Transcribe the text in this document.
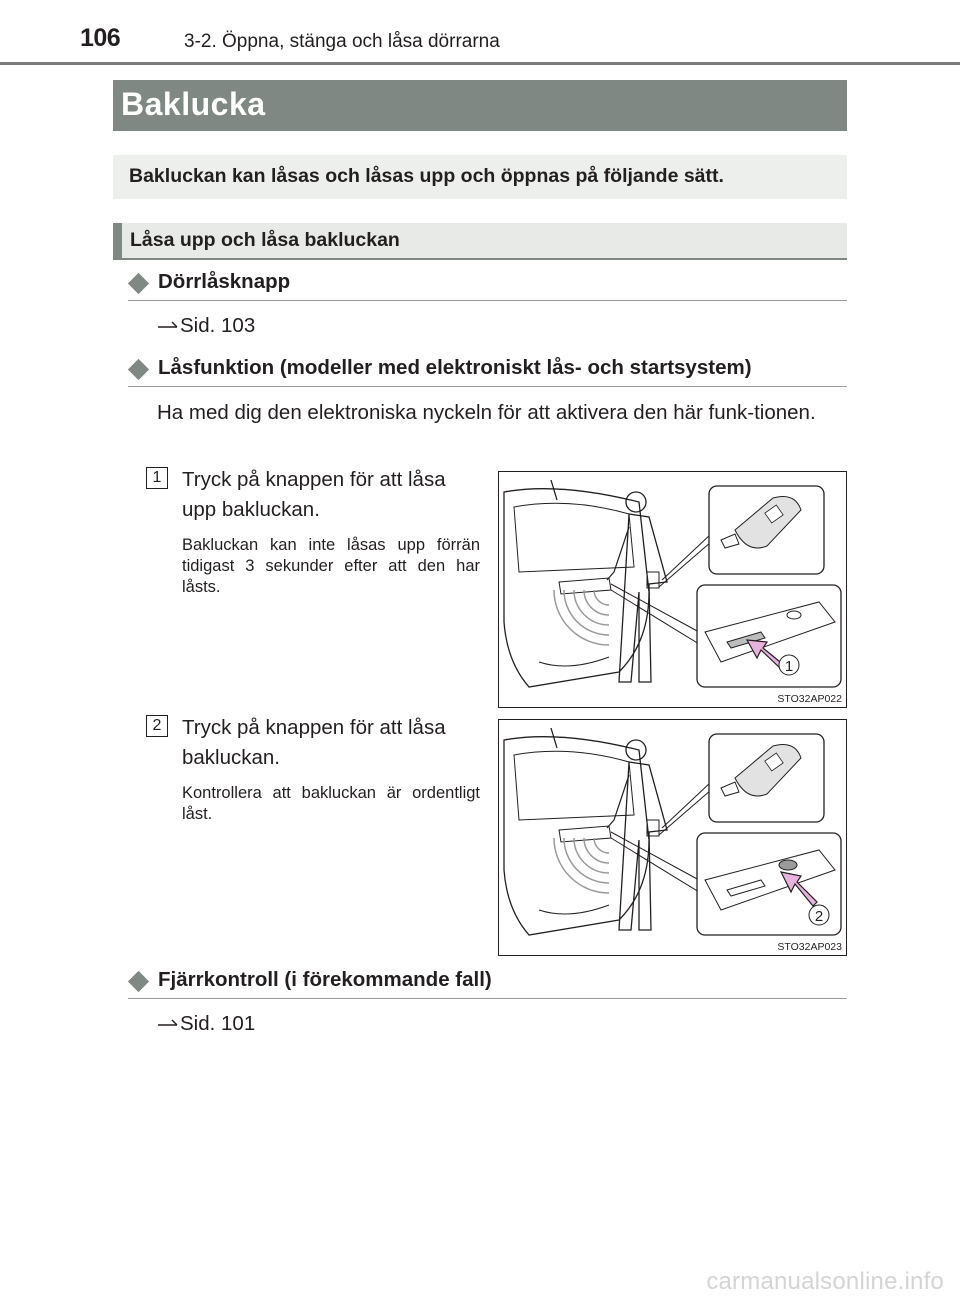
106	3-2. Öppna, stänga och låsa dörrarna
Baklucka
Bakluckan kan låsas och låsas upp och öppnas på följande sätt.
Låsa upp och låsa bakluckan
Dörrlåsknapp
Sid. 103
Låsfunktion (modeller med elektroniskt lås- och startsystem)
Ha med dig den elektroniska nyckeln för att aktivera den här funk-tionen.
1	Tryck på knappen för att låsa upp bakluckan.
Bakluckan kan inte låsas upp förrän tidigast 3 sekunder efter att den har låsts.
1
STO32AP022
2	Tryck på knappen för att låsa bakluckan.
Kontrollera att bakluckan är ordentligt låst.
2
STO32AP023
Fjärrkontroll (i förekommande fall)
Sid. 101
carmanualsonline.info
